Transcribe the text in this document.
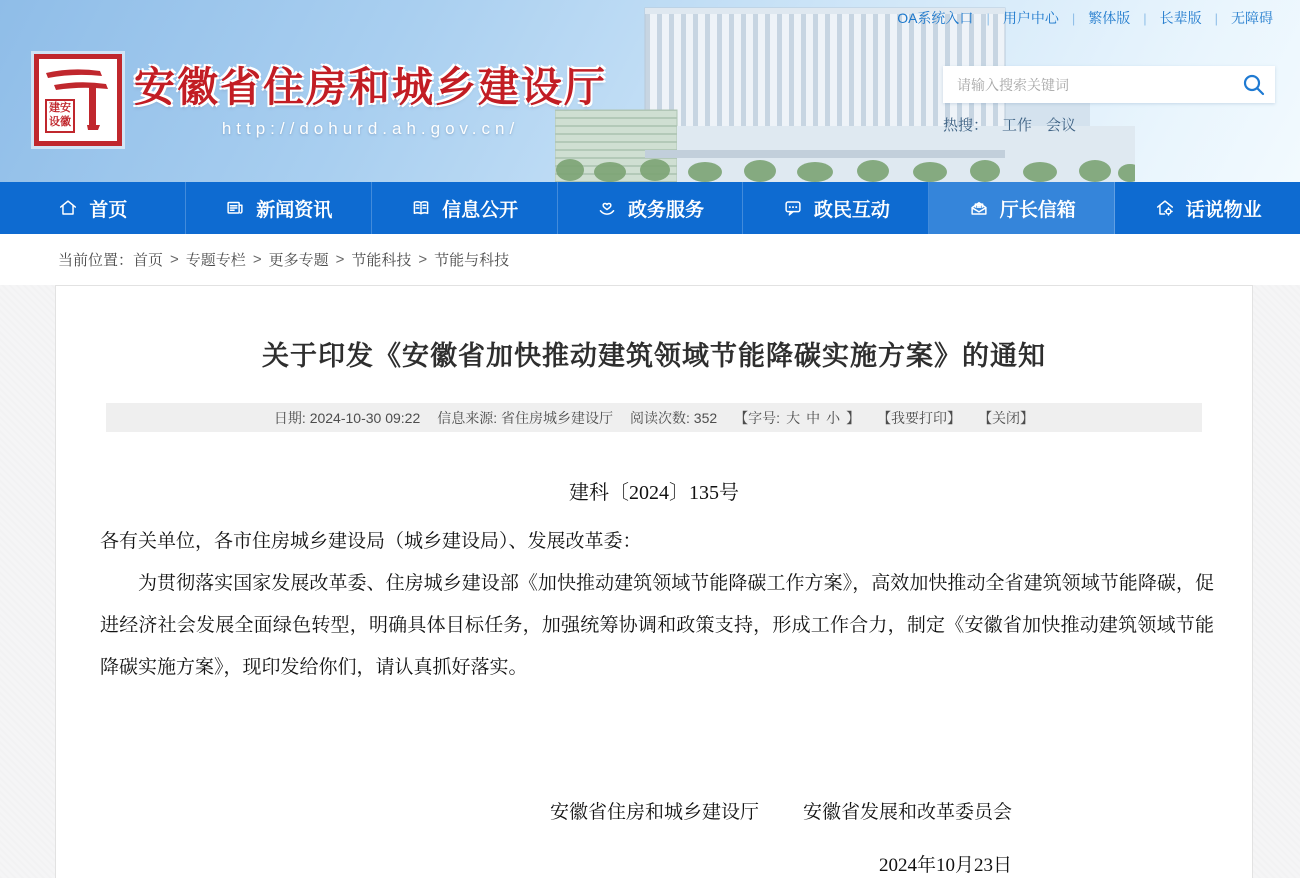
OA系统入口	| 用户中心	| 繁体版	| 长辈版	| 无障碍
建安
设徽
安徽省住房和城乡建设厅
http://dohurd.ah.gov.cn/
请输入搜索关键词	热搜： 工作 会议
首页	新闻资讯	信息公开	政务服务	政民互动	厅长信箱	话说物业
当前位置： 首页 > 专题专栏 > 更多专题 > 节能科技 > 节能与科技
关于印发《安徽省加快推动建筑领域节能降碳实施方案》的通知
日期: 2024-10-30 09:22 信息来源: 省住房城乡建设厅 阅读次数: 352 【字号: 大 中 小 】 【我要打印】 【关闭】
建科〔2024〕135号
各有关单位，各市住房城乡建设局（城乡建设局）、发展改革委：

为贯彻落实国家发展改革委、住房城乡建设部《加快推动建筑领域节能降碳工作方案》，高效加快推动全省建筑领域节能降碳，促进经济社会发展全面绿色转型，明确具体目标任务，加强统筹协调和政策支持，形成工作合力，制定《安徽省加快推动建筑领域节能降碳实施方案》，现印发给你们，请认真抓好落实。

安徽省住房和城乡建设厅 安徽省发展和改革委员会
2024年10月23日
